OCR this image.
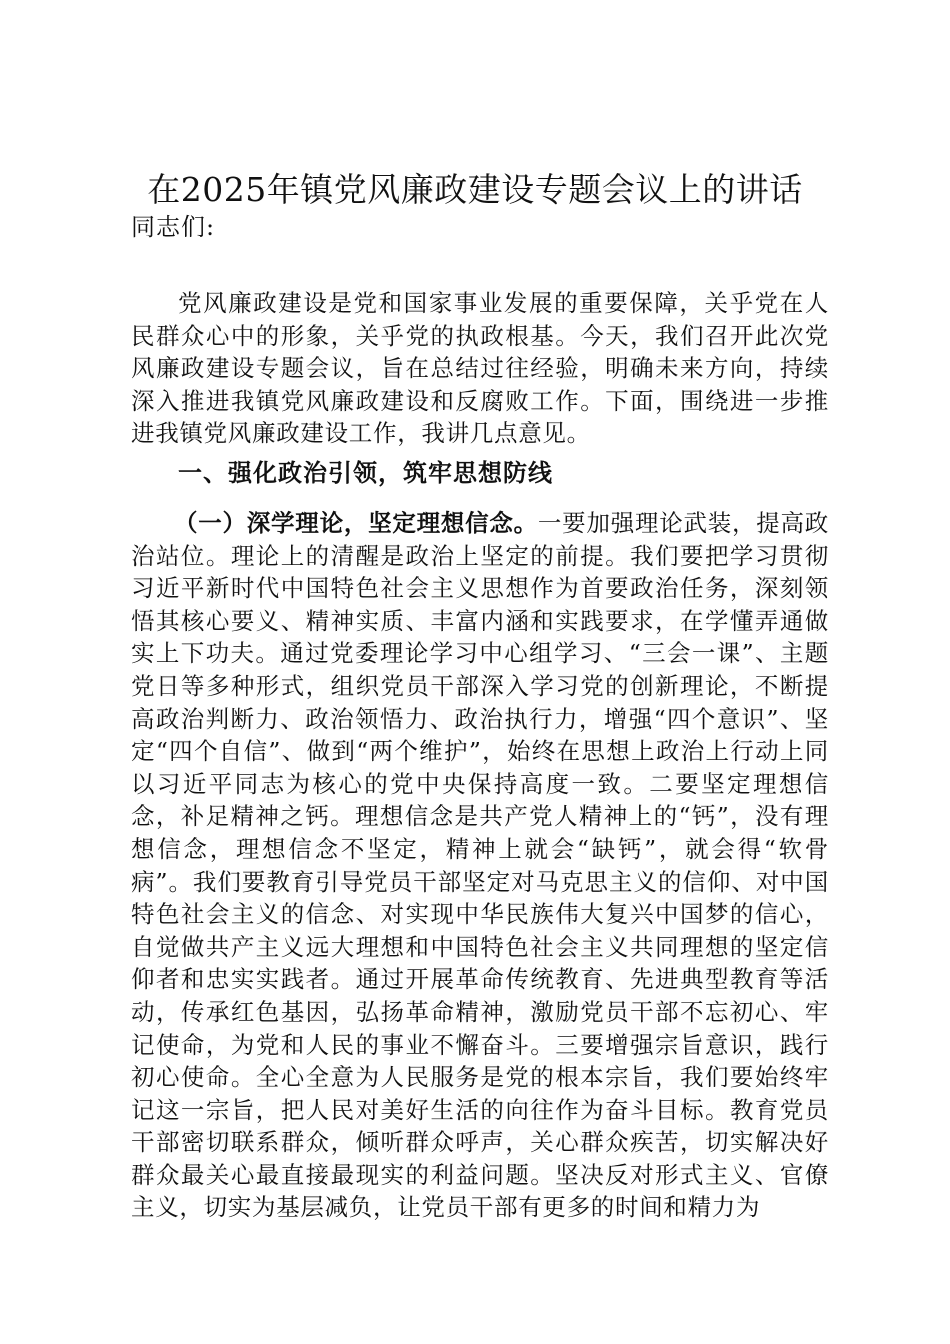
在2025年镇党风廉政建设专题会议上的讲话
同志们:

党风廉政建设是党和国家事业发展的重要保障，关乎党在人民群众心中的形象，关乎党的执政根基。今天，我们召开此次党风廉政建设专题会议，旨在总结过往经验，明确未来方向，持续深入推进我镇党风廉政建设和反腐败工作。下面，围绕进一步推进我镇党风廉政建设工作，我讲几点意见。

一、强化政治引领，筑牢思想防线

（一）深学理论，坚定理想信念。一要加强理论武装，提高政治站位。理论上的清醒是政治上坚定的前提。我们要把学习贯彻习近平新时代中国特色社会主义思想作为首要政治任务，深刻领悟其核心要义、精神实质、丰富内涵和实践要求，在学懂弄通做实上下功夫。通过党委理论学习中心组学习、“三会一课”、主题党日等多种形式，组织党员干部深入学习党的创新理论，不断提高政治判断力、政治领悟力、政治执行力，增强“四个意识”、坚定“四个自信”、做到“两个维护”，始终在思想上政治上行动上同以习近平同志为核心的党中央保持高度一致。二要坚定理想信念，补足精神之钙。理想信念是共产党人精神上的“钙”，没有理想信念，理想信念不坚定，精神上就会“缺钙”，就会得“软骨病”。我们要教育引导党员干部坚定对马克思主义的信仰、对中国特色社会主义的信念、对实现中华民族伟大复兴中国梦的信心，自觉做共产主义远大理想和中国特色社会主义共同理想的坚定信仰者和忠实实践者。通过开展革命传统教育、先进典型教育等活动，传承红色基因，弘扬革命精神，激励党员干部不忘初心、牢记使命，为党和人民的事业不懈奋斗。三要增强宗旨意识，践行初心使命。全心全意为人民服务是党的根本宗旨，我们要始终牢记这一宗旨，把人民对美好生活的向往作为奋斗目标。教育党员干部密切联系群众，倾听群众呼声，关心群众疾苦，切实解决好群众最关心最直接最现实的利益问题。坚决反对形式主义、官僚主义，切实为基层减负，让党员干部有更多的时间和精力为
